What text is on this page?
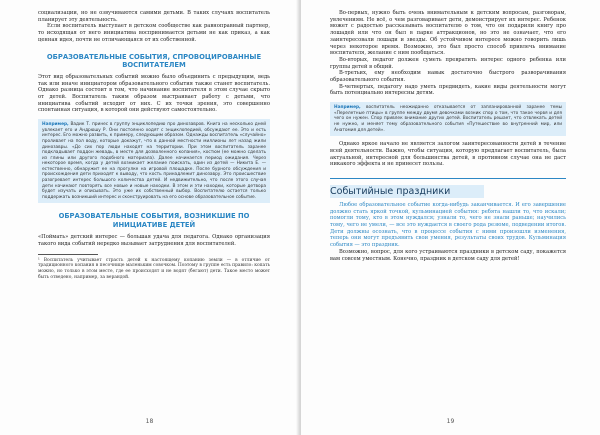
социализации, но не озвучиваются самими детьми. В таких случаях воспитатель планирует эту деятельность.

Если воспитатель выступает в детском сообществе как равноправный партнер, то исходящая от него инициатива воспринимается детьми не как приказ, а как ценная идея, почти не отличающаяся от их собственной.

ОБРАЗОВАТЕЛЬНЫЕ СОБЫТИЯ, СПРОВОЦИРОВАННЫЕ ВОСПИТАТЕЛЕМ

Этот вид образовательных событий можно было объединить с предыдущим, ведь так или иначе инициатором образовательного события также станет воспитатель. Однако разница состоит в том, что начинание воспитателя в этом случае скрыто от детей. Воспитатель таким образом выстраивает работу с детьми, что инициатива событий исходит от них. С их точки зрения, это совершенно спонтанная ситуация, в которой они действуют самостоятельно.

Например, Вадик Т. принес в группу энциклопедию про динозавров. Книга на несколько дней увлекает его и Андрюшу Р. Они постоянно ходят с энциклопедией, обсуждают ее. Это и есть интерес. Его можно развить, к примеру, следующим образом. Однажды воспитатель «случайно» проливает на пол воду, которые докажут, что в данной местности миллионы лет назад жили динозавры. «До сих пор люди находят на территории. При этом воспитатель заранее подкладывает поддон жевадь, в месте для дозволенного копания», костюм (ее можно сделать из глины или другого подобного материала). Далее начинается период ожидания. Через некоторое время, когда у детей возникает желание поискать, один из детей — Никита Е. — естественно, обнаружит ее на прогулке на игровой площадке. После бурного обсуждения и происхождения дети приходят к выводу, что кость принадлежит динозавру. Это происшествие разогревает интерес большого количества детей. И недвижительно, что после этого случая дети начинают повторять все новые и новые находки. В этом и эти находки, которые детвора будет изучать и описывать. Это уже их собственный выбор. Воспитателю остается только поддержать возникший интерес и сконструировать на его основе образовательное событие.

ОБРАЗОВАТЕЛЬНЫЕ СОБЫТИЯ, ВОЗНИКШИЕ ПО ИНИЦИАТИВЕ ДЕТЕЙ

«Поймать» детский интерес — большая удача для педагога. Однако организация такого вида событий нередко вызывает затруднения для воспитателей.

¹ Воспитатель учитывает страсть детей к настоящему копанию земли — в отличие от традиционного копания в песочнице маленьким совочком. Поэтому в группе есть правило: копать можно, но только в этом месте, где ее происходят и не водят (бегают) дети. Такое место может быть отведено, например, за верандой.

18

Во-первых, нужно быть очень внимательным к детским вопросам, разговорам, увлечениям. Не всё, о чем разговаривает дети, демонстрирует их интерес. Ребенок может с радостью рассказывать воспитателю о том, что он подарили книгу про лошадей или что он был в парке аттракционов, но это не означает, что его заинтересовали лошади и звезды. Об устойчивом интересе можно говорить лишь через некоторое время. Возможно, это был просто способ привлечь внимание воспитателя, желание с ним пообщаться.

Во-вторых, педагог должен суметь превратить интерес одного ребенка или группы детей в общий.

В-третьих, ему необходим навык достаточно быстрого разворачивания образовательного события.

В-четвертых, педагогу надо уметь предвидеть, какие виды деятельности могут быть потенциально интересны детям.

Например, воспитатель неожиданно отказывается от запланированной заранее темы «Перелетные птицы» в группе между двумя девочками возник спор о том, что такое червя и для чего он нужен. Спор привлек внимание других детей. Воспитатель решает, что отвлекать детей не нужно, и меняет тему образовательного события «Путешествие во внутренний мир, или Анатомия для детей».

Однако яркое начало не является залогом заинтересованности детей в течение всей деятельности. Важно, чтобы ситуация, которую предлагает воспитатель, была актуальной, интересной для большинства детей, в противном случае она не даст никакого эффекта и не принесет пользы.

Событийные праздники

Любое образовательное событие когда-нибудь заканчивается. И его завершение должно стать яркой точкой, кульминацией события: ребята нашли то, что искали; помогли тому, кто в этом нуждался; узнали то, чего не знали раньше; научились тому, чего не умели, — все это нуждается в своего рода резюме, подведении итогов. Дети должны осознать, что в процессе события с ними произошли изменения, теперь они могут предъявить свои умения, результаты своих трудов. Кульминация события — это праздник.

Возможно, вопрос, для кого устраиваются праздники в детском саду, покажется вам совсем уместным. Конечно, праздник в детском саду для детей!

19
